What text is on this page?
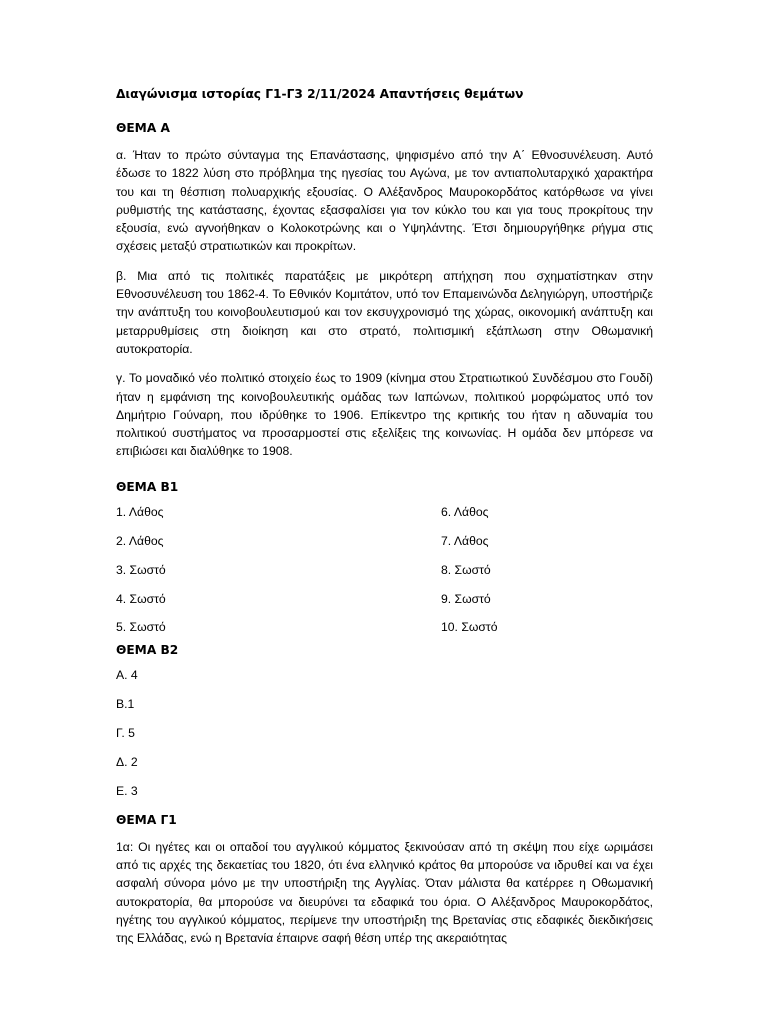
Διαγώνισμα ιστορίας Γ1-Γ3 2/11/2024 Απαντήσεις θεμάτων

ΘΕΜΑ Α

α. Ήταν το πρώτο σύνταγμα της Επανάστασης, ψηφισμένο από την Α΄ Εθνοσυνέλευση. Αυτό έδωσε το 1822 λύση στο πρόβλημα της ηγεσίας του Αγώνα, με τον αντιαπολυταρχικό χαρακτήρα του και τη θέσπιση πολυαρχικής εξουσίας. Ο Αλέξανδρος Μαυροκορδάτος κατόρθωσε να γίνει ρυθμιστής της κατάστασης, έχοντας εξασφαλίσει για τον κύκλο του και για τους προκρίτους την εξουσία, ενώ αγνοήθηκαν ο Κολοκοτρώνης και ο Υψηλάντης. Έτσι δημιουργήθηκε ρήγμα στις σχέσεις μεταξύ στρατιωτικών και προκρίτων.

β. Μια από τις πολιτικές παρατάξεις με μικρότερη απήχηση που σχηματίστηκαν στην Εθνοσυνέλευση του 1862-4. Το Εθνικόν Κομιτάτον, υπό τον Επαμεινώνδα Δεληγιώργη, υποστήριζε την ανάπτυξη του κοινοβουλευτισμού και τον εκσυγχρονισμό της χώρας, οικονομική ανάπτυξη και μεταρρυθμίσεις στη διοίκηση και στο στρατό, πολιτισμική εξάπλωση στην Οθωμανική αυτοκρατορία.

γ. Το μοναδικό νέο πολιτικό στοιχείο έως το 1909 (κίνημα στου Στρατιωτικού Συνδέσμου στο Γουδί) ήταν η εμφάνιση της κοινοβουλευτικής ομάδας των Ιαπώνων, πολιτικού μορφώματος υπό τον Δημήτριο Γούναρη, που ιδρύθηκε το 1906. Επίκεντρο της κριτικής του ήταν η αδυναμία του πολιτικού συστήματος να προσαρμοστεί στις εξελίξεις της κοινωνίας. Η ομάδα δεν μπόρεσε να επιβιώσει και διαλύθηκε το 1908.

ΘΕΜΑ Β1

1. Λάθος
2. Λάθος
3. Σωστό
4. Σωστό
5. Σωστό
6. Λάθος
7. Λάθος
8. Σωστό
9. Σωστό
10. Σωστό

ΘΕΜΑ Β2

Α. 4
Β.1
Γ. 5
Δ. 2
Ε. 3

ΘΕΜΑ Γ1

1α: Οι ηγέτες και οι οπαδοί του αγγλικού κόμματος ξεκινούσαν από τη σκέψη που είχε ωριμάσει από τις αρχές της δεκαετίας του 1820, ότι ένα ελληνικό κράτος θα μπορούσε να ιδρυθεί και να έχει ασφαλή σύνορα μόνο με την υποστήριξη της Αγγλίας. Όταν μάλιστα θα κατέρρεε η Οθωμανική αυτοκρατορία, θα μπορούσε να διευρύνει τα εδαφικά του όρια. Ο Αλέξανδρος Μαυροκορδάτος, ηγέτης του αγγλικού κόμματος, περίμενε την υποστήριξη της Βρετανίας στις εδαφικές διεκδικήσεις της Ελλάδας, ενώ η Βρετανία έπαιρνε σαφή θέση υπέρ της ακεραιότητας
